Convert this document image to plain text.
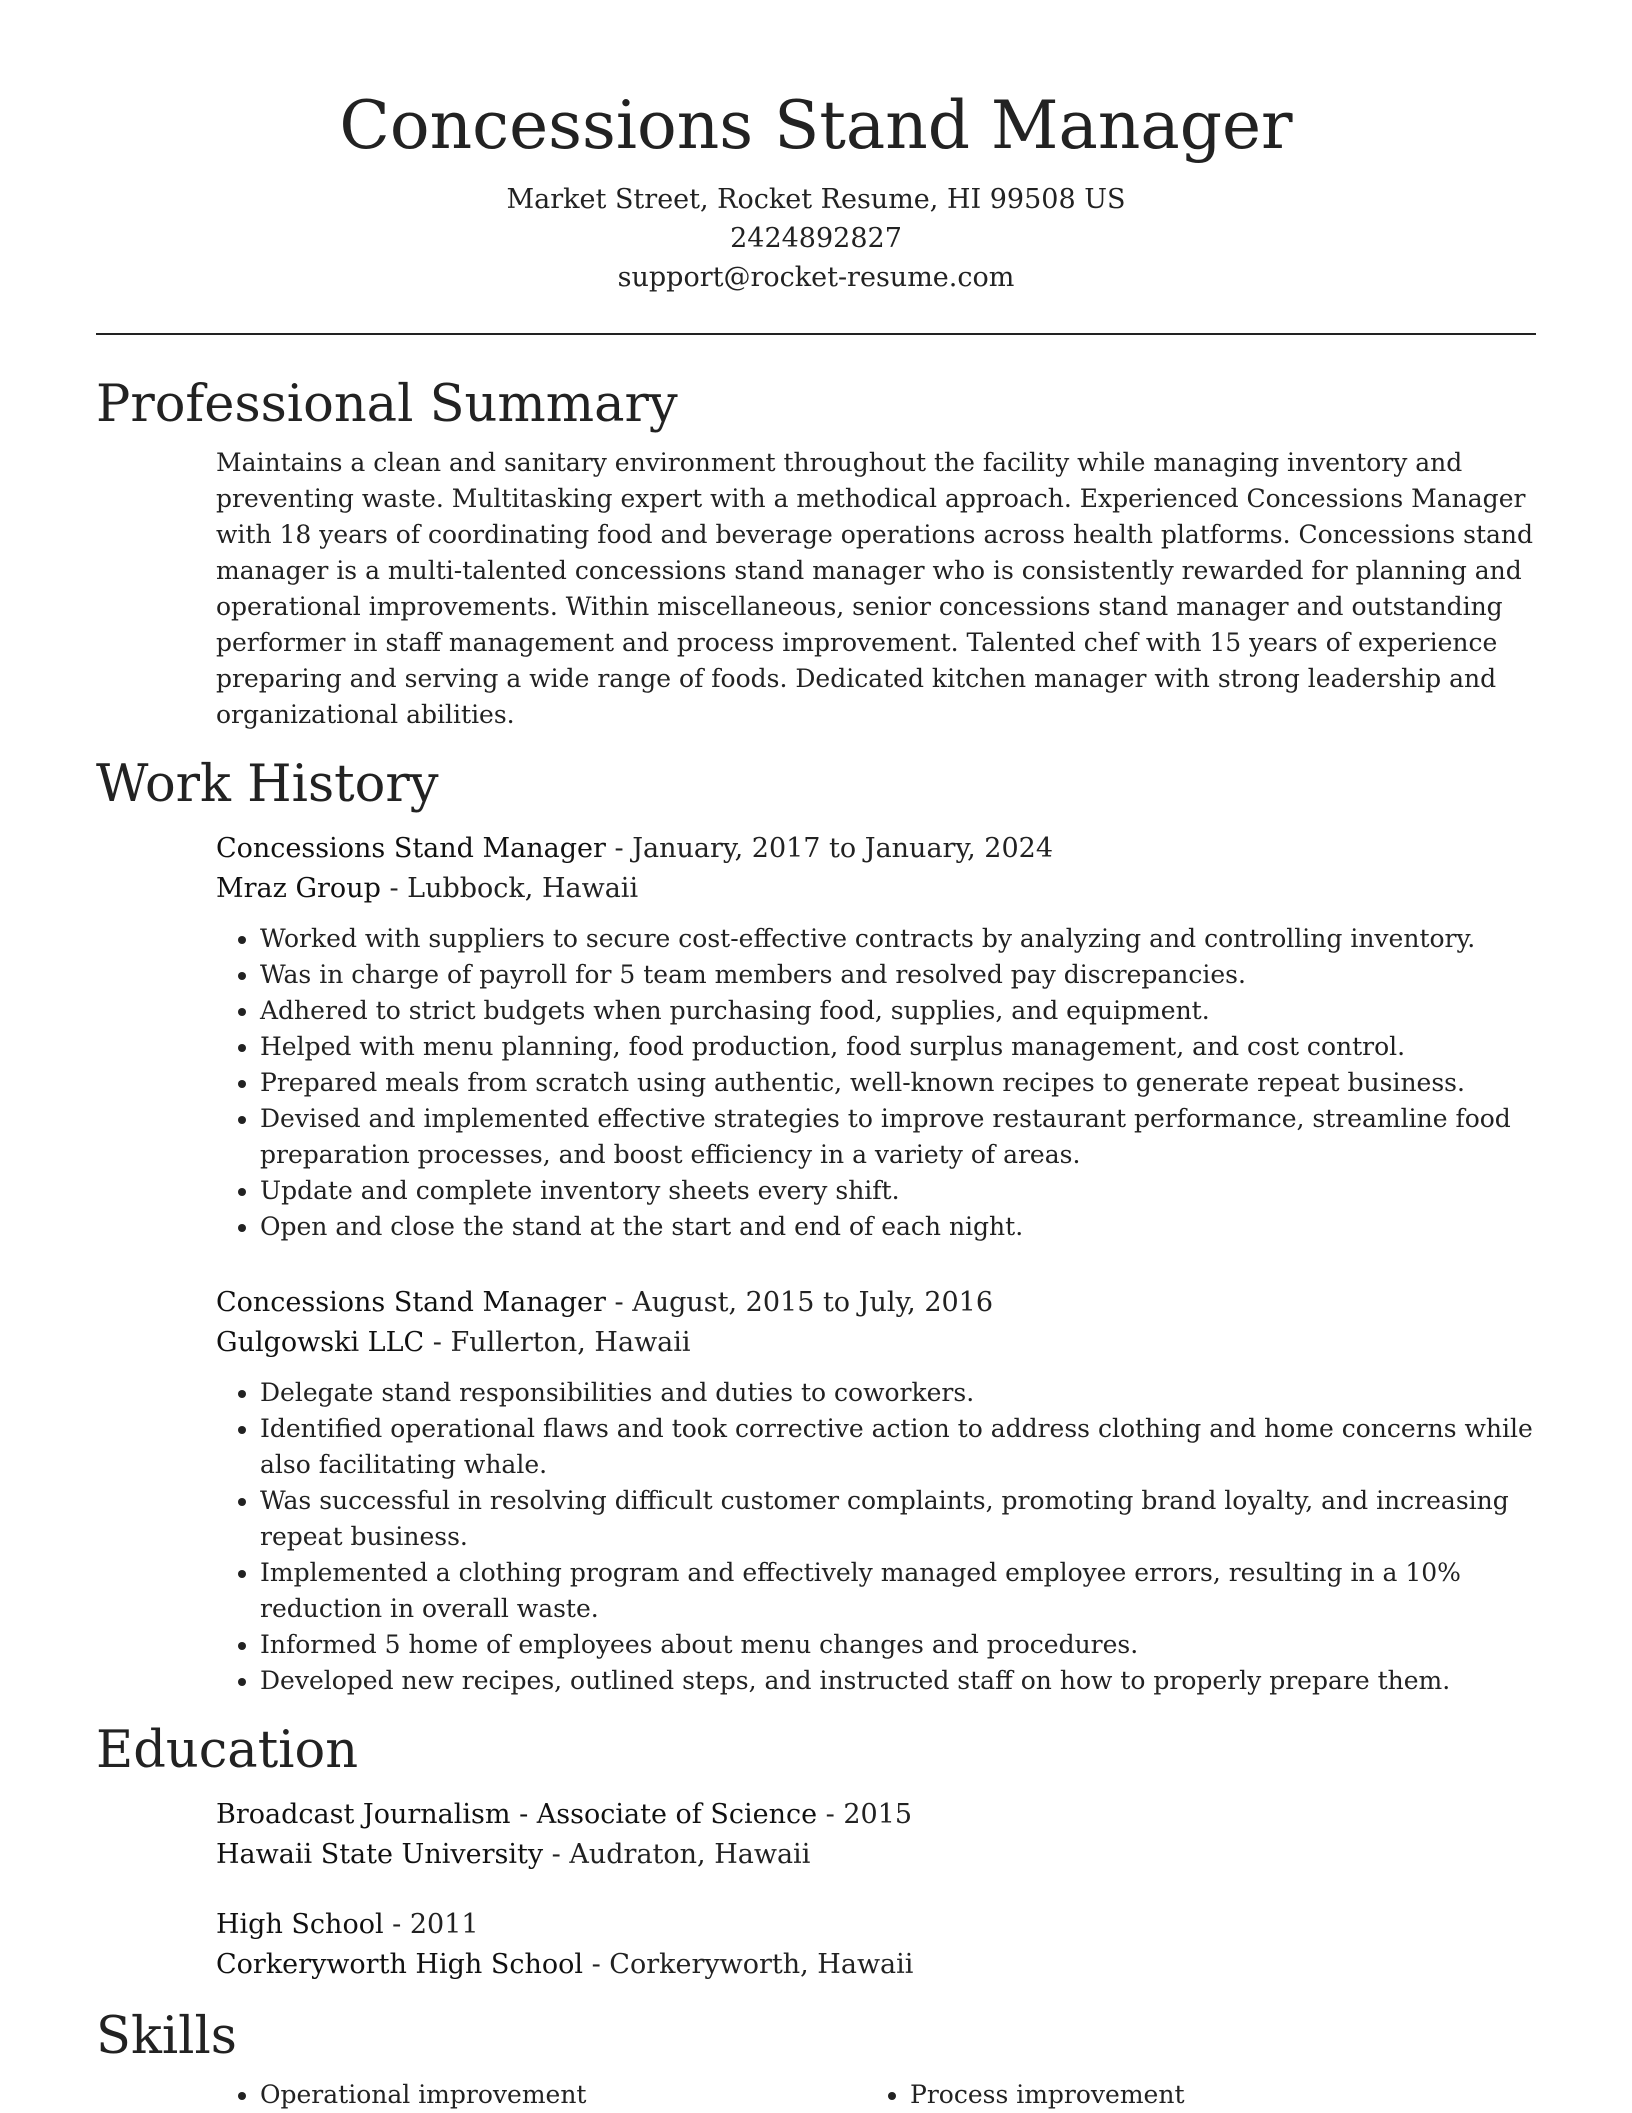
Concessions Stand Manager
Market Street, Rocket Resume, HI 99508 US
2424892827
support@rocket-resume.com
Professional Summary

Maintains a clean and sanitary environment throughout the facility while managing inventory and preventing waste. Multitasking expert with a methodical approach. Experienced Concessions Manager with 18 years of coordinating food and beverage operations across health platforms. Concessions stand manager is a multi-talented concessions stand manager who is consistently rewarded for planning and operational improvements. Within miscellaneous, senior concessions stand manager and outstanding performer in staff management and process improvement. Talented chef with 15 years of experience preparing and serving a wide range of foods. Dedicated kitchen manager with strong leadership and organizational abilities.

Work History
Concessions Stand Manager - January, 2017 to January, 2024
Mraz Group - Lubbock, Hawaii
• Worked with suppliers to secure cost-effective contracts by analyzing and controlling inventory.
• Was in charge of payroll for 5 team members and resolved pay discrepancies.
• Adhered to strict budgets when purchasing food, supplies, and equipment.
• Helped with menu planning, food production, food surplus management, and cost control.
• Prepared meals from scratch using authentic, well-known recipes to generate repeat business.
• Devised and implemented effective strategies to improve restaurant performance, streamline food preparation processes, and boost efficiency in a variety of areas.
• Update and complete inventory sheets every shift.
• Open and close the stand at the start and end of each night.
Concessions Stand Manager - August, 2015 to July, 2016
Gulgowski LLC - Fullerton, Hawaii
• Delegate stand responsibilities and duties to coworkers.
• Identified operational flaws and took corrective action to address clothing and home concerns while also facilitating whale.
• Was successful in resolving difficult customer complaints, promoting brand loyalty, and increasing repeat business.
• Implemented a clothing program and effectively managed employee errors, resulting in a 10% reduction in overall waste.
• Informed 5 home of employees about menu changes and procedures.
• Developed new recipes, outlined steps, and instructed staff on how to properly prepare them.
Education
Broadcast Journalism - Associate of Science - 2015
Hawaii State University - Audraton, Hawaii
High School - 2011
Corkeryworth High School - Corkeryworth, Hawaii
Skills
• Operational improvement
•	Process improvement
